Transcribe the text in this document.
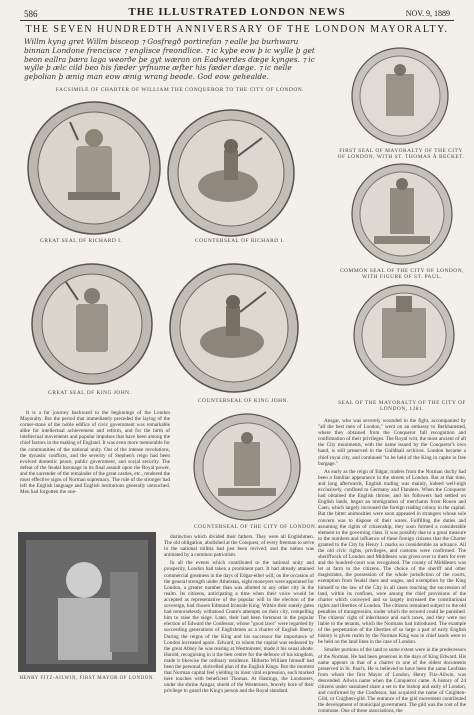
586	THE ILLUSTRATED LONDON NEWS	NOV. 9, 1889
THE SEVEN HUNDREDTH ANNIVERSARY OF THE LONDON MAYORALTY.
Willm kyng gret Willm bisceop ⁊ Gosfregð portirefan ⁊ ealle þa burhwaru binnan Londone frencisce ⁊ englisce freondlice. ⁊ ic kyþe eow þ ic wylle þ get beon eallra þæra laga weorðe þe gyt wæran on Eadwerdes dæge kynges. ⁊ ic wylle þ ælc cild beo his fæder yrfnume æfter his fæder dæge. ⁊ ic nelle geþolian þ ænig man eow ænig wrang beode. God eow gehealde.
FACSIMILE OF CHARTER OF WILLIAM THE CONQUEROR TO THE CITY OF LONDON.
GREAT SEAL OF RICHARD I.	COUNTERSEAL OF RICHARD I.
FIRST SEAL OF MAYORALTY OF THE CITY OF LONDON, WITH ST. THOMAS À BECKET.
COMMON SEAL OF THE CITY OF LONDON, WITH FIGURE OF ST. PAUL.
GREAT SEAL OF KING JOHN.
COUNTERSEAL OF KING JOHN.	SEAL OF THE MAYORALTY OF THE CITY OF LONDON, 1281.
COUNTERSEAL OF THE CITY OF LONDON.

It is a far journey backward to the beginnings of the London Mayoralty. But the period that immediately preceded the laying of the corner-stone of the noble edifice of civic government was remarkable alike for intellectual achievement and reform, and for the birth of intellectual movements and popular impulses that have been among the chief factors in the making of England. It was even more memorable for the communities of the national unity. Out of the intense revolutions, the dynastic conflicts, and the severity of Stephen's reign had been evolved domestic peace, public government, and social security. The defeat of the feudal baronage in its final assault upon the Royal power, and the surrender of the remainder of the great castles, etc., rendered the most effective signs of Norman supremacy. The rule of the stronger had left the English language and English institutions generally untouched. Men had forgotten the one-

HENRY FITZ-AILWIN, FIRST MAYOR OF LONDON.

distinction which divided their fathers. They were all Englishmen. The old obligation, abolished at the Conquest, of every freeman to serve in the national militia had just been revived; and the nation was animated by a common patriotism.

In all the events which contributed to the national unity and prosperity, London had taken a prominent part. It had already attained commercial greatness in the days of Edgar-ethel will; on the occasion of the general strength under Athelstan, eight moneyers were appointed for London, a greater number than was allotted to any other city in the realm. Its citizens, anticipating a time when their voice would be accepted as representative of the popular will in the election of the sovereign, had chosen Edmund Ironside King. Within their stately gates had remorselessly withstood Cnute's attempts on their city, compelling him to raise the siege. Later, their had been foremost in the popular election of Edward the Confessor, whose "good laws" were regarded by succeeding generations of Englishmen as a charter of English liberty. During the reigns of the King and his successor the importance of London increased apace. Edward, to whom the capital was endeared by the great Abbey he was rearing at Westminster, made it his usual abode. Harold, recognising in it the best centre for the defence of his kingdom, made it likewise the ordinary residence. Hitherto William himself had been the personal, shrivelled plan of the English Kings. But the moment that Norman capital feel yielding its most vital expression, each marked here touches with beneficent Thomas. At Hastings, the Londoners, under the shrine Ansgar, shield of the Westerners, bravely bore of their privilege to guard the King's person and the Royal standard.

Ansgar, who was severely wounded in the fight, accompanied by "all the best men of London," went on an embassy to Berkhamsted, where they obtained from the Conqueror full recognition and confirmation of their privileges. The Royal writ, the most ancient of all the City muniments, with the name issued by the Conqueror's own hand, is still preserved in the Guildhall archives. London became a chief royal city, and continued "to be held of the King in capite in free burgage."

As early as the reign of Edgar, traders from the Norman duchy had been a familiar appearance in the streets of London. But at that time, and long afterwards, English trading was mainly, indeed well-nigh exclusively, confined to Germany and Flanders. When the Conqueror had obtained the English throne, and his followers had settled on English lands, began an immigration of merchants from Rouen and Caen, which largely increased the foreign trading colony in the capital. But the bitter animosities were soon appeased in strangers whose sole concern was to dispose of their wares. Fulfilling the duties and assuming the rights of citizenship, they soon formed a considerable element in the governing class. It was possibly due to a great measure to the numbers and influence of these foreign citizens that the Charter granted to the City by Henry I. marks so considerable an advance. All the old civic rights, privileges, and customs were confirmed. The sheriffwick of London and Middlesex was given over to them for ever and the hundred-court was recognised. The county of Middlesex was let at farm to the citizens. The choice of the sheriff and other magistrates, the possession of the whole jurisdiction of the courts, exemption from feudal dues and wages, and exemption by the King himself to the law of the City in all cases touching the succession of land, within its confines, were among the chief provisions of the charter which conveyed and so largely increased the constitutional rights and liberties of London. The citizens remained subject to the old penalties of transgression, under which the secured could be punished. The citizens' right of inheritance and such taxes, and they were too liable to the tenants, which the Normans had introduced. The example of the perpetration of the liberties of so large a part of early English history is given realm by the Norman King was in chief lands were to be held on the land lines in the case of London.

Smaller portions of the land to some extent were in the predecessors of the Norman. He had been generous in the days of King Edward. His name appears in that of a charter to one of the oldest documents preserved in St. Paul's. He is believed to have been the same Leofstan from whom the first Mayor of London, Henry Fitz-Ailwin, was descended. Ailwin name when the Conqueror came. A history of 24 citizens under sustained share a set to the bishop and early of London, and confirmed by the Confessor, has acquired the name of Cnighten-Gild, or Cnighten-gild. The entrance of the gild movement contributed the development of municipal government. The gild was the root of the commune. One of these associations, the
